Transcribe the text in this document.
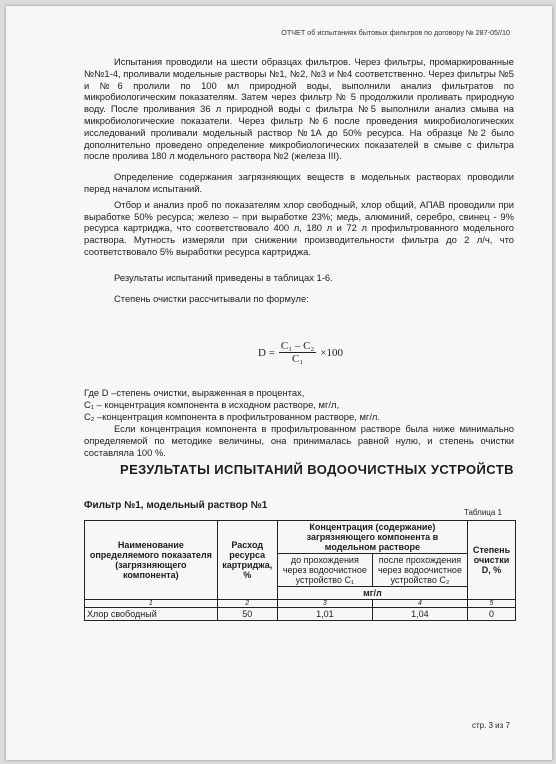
ОТЧЕТ об испытаниях бытовых фильтров по договору № 287-05//10

Испытания проводили на шести образцах фильтров. Через фильтры, промаркированные №№1-4, проливали модельные растворы №1, №2, №3 и №4 соответственно. Через фильтры №5 и №6 пролили по 100 мл природной воды, выполнили анализ фильтратов по микробиологическим показателям. Затем через фильтр № 5 продолжили проливать природную воду. После проливания 36 л природной воды с фильтра №5 выполнили анализ смыва на микробиологические показатели. Через фильтр №6 после проведения микробиологических исследований проливали модельный раствор №1А до 50% ресурса. На образце №2 было дополнительно проведено определение микробиологических показателей в смыве с фильтра после пролива 180 л модельного раствора №2 (железа III).

Определение содержания загрязняющих веществ в модельных растворах проводили перед началом испытаний.

Отбор и анализ проб по показателям хлор свободный, хлор общий, АПАВ проводили при выработке 50% ресурса; железо – при выработке 23%; медь, алюминий, серебро, свинец - 9% ресурса картриджа, что соответствовало 400 л, 180 л и 72 л профильтрованного модельного раствора. Мутность измеряли при снижении производительности фильтра до 2 л/ч, что соответствовало 5% выработки ресурса картриджа.

Результаты испытаний приведены в таблицах 1-6.

Степень очистки рассчитывали по формуле:

$D = \frac{\text{C₁ – C₂}}{\text{C₁}} \times 100$
Где D –степень очистки, выраженная в процентах,
C₁ – концентрация компонента в исходном растворе, мг/л,
C₂ –концентрация компонента в профильтрованном растворе, мг/л.

Если концентрация компонента в профильтрованном растворе была ниже минимально определяемой по методике величины, она принималась равной нулю, и степень очистки составляла 100 %.

РЕЗУЛЬТАТЫ ИСПЫТАНИЙ ВОДООЧИСТНЫХ УСТРОЙСТВ
Фильтр №1, модельный раствор №1
Таблица 1
Наименование определяемого показателя (загрязняющего компонента)	Расход ресурса картриджа, %	Концентрация (содержание) загрязняющего компонента в модельном растворе		Степень очистки D, %
		до прохождения через водоочистное устройство C₁	после прохождения через водоочистное устройство C₂	
		мг/л		
1	2	3	4	5
Хлор свободный	50	1,01	1,04	0
стр. 3 из 7
